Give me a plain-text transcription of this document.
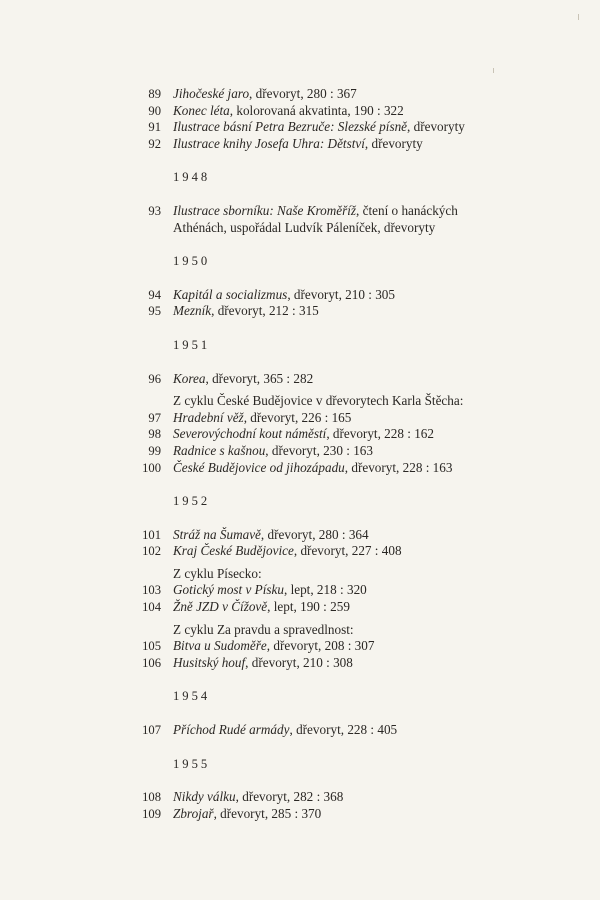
89 Jihočeské jaro, dřevoryt, 280 : 367
90 Konec léta, kolorovaná akvatinta, 190 : 322
91 Ilustrace básní Petra Bezruče: Slezské písně, dřevoryty
92 Ilustrace knihy Josefa Uhra: Dětství, dřevoryty
1948
93 Ilustrace sborníku: Naše Kroměříž, čtení o hanáckých
Athénách, uspořádal Ludvík Páleníček, dřevoryty
1950
94 Kapitál a socializmus, dřevoryt, 210 : 305
95 Mezník, dřevoryt, 212 : 315
1951
96 Korea, dřevoryt, 365 : 282
Z cyklu České Budějovice v dřevorytech Karla Štěcha:
97 Hradební věž, dřevoryt, 226 : 165
98 Severovýchodní kout náměstí, dřevoryt, 228 : 162
99 Radnice s kašnou, dřevoryt, 230 : 163
100 České Budějovice od jihozápadu, dřevoryt, 228 : 163
1952
101 Stráž na Šumavě, dřevoryt, 280 : 364
102 Kraj České Budějovice, dřevoryt, 227 : 408
Z cyklu Písecko:
103 Gotický most v Písku, lept, 218 : 320
104 Žně JZD v Čížově, lept, 190 : 259
Z cyklu Za pravdu a spravedlnost:
105 Bitva u Sudoměře, dřevoryt, 208 : 307
106 Husitský houf, dřevoryt, 210 : 308
1954
107 Příchod Rudé armády, dřevoryt, 228 : 405
1955
108 Nikdy válku, dřevoryt, 282 : 368
109 Zbrojař, dřevoryt, 285 : 370
